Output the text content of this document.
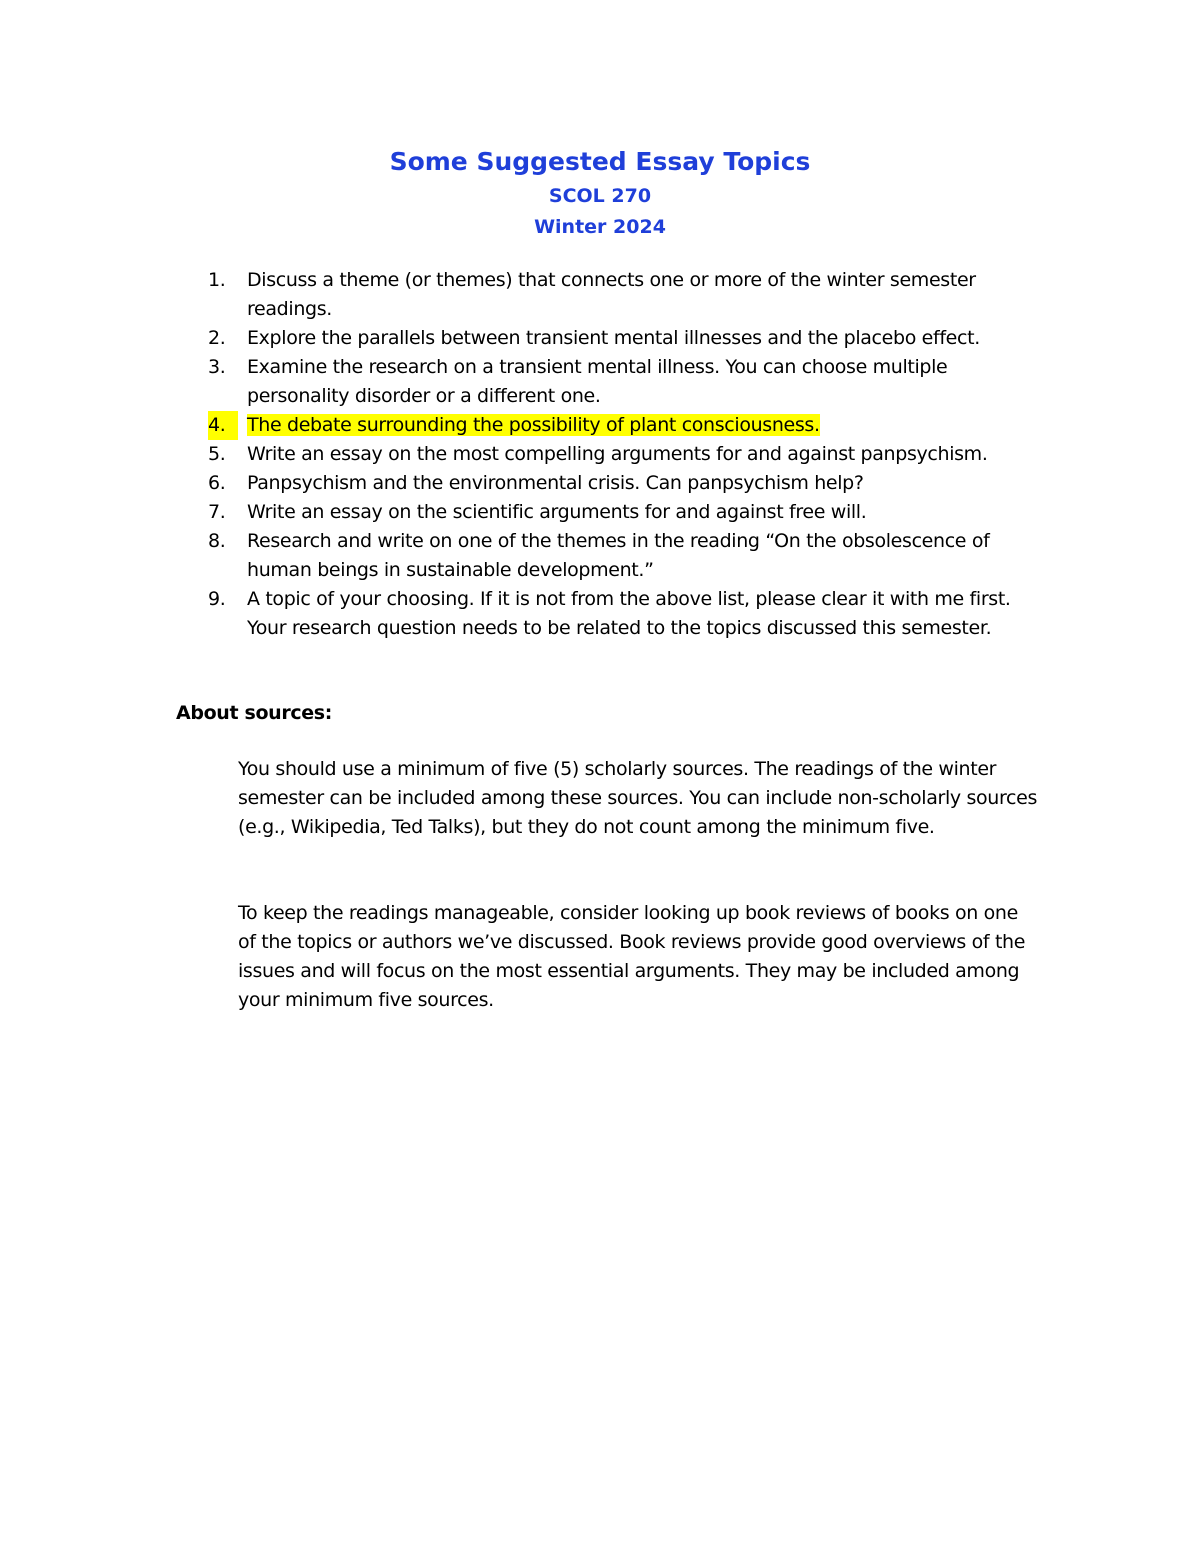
Some Suggested Essay Topics

SCOL 270

Winter 2024

1.	Discuss a theme (or themes) that connects one or more of the winter semester readings.
2.	Explore the parallels between transient mental illnesses and the placebo effect.
3.	Examine the research on a transient mental illness. You can choose multiple personality disorder or a different one.
4.	The debate surrounding the possibility of plant consciousness.
5.	Write an essay on the most compelling arguments for and against panpsychism.
6.	Panpsychism and the environmental crisis. Can panpsychism help?
7.	Write an essay on the scientific arguments for and against free will.
8.	Research and write on one of the themes in the reading “On the obsolescence of human beings in sustainable development.”
9.	A topic of your choosing. If it is not from the above list, please clear it with me first. Your research question needs to be related to the topics discussed this semester.

About sources:

You should use a minimum of five (5) scholarly sources. The readings of the winter semester can be included among these sources. You can include non-scholarly sources (e.g., Wikipedia, Ted Talks), but they do not count among the minimum five.

To keep the readings manageable, consider looking up book reviews of books on one of the topics or authors we’ve discussed. Book reviews provide good overviews of the issues and will focus on the most essential arguments. They may be included among your minimum five sources.
